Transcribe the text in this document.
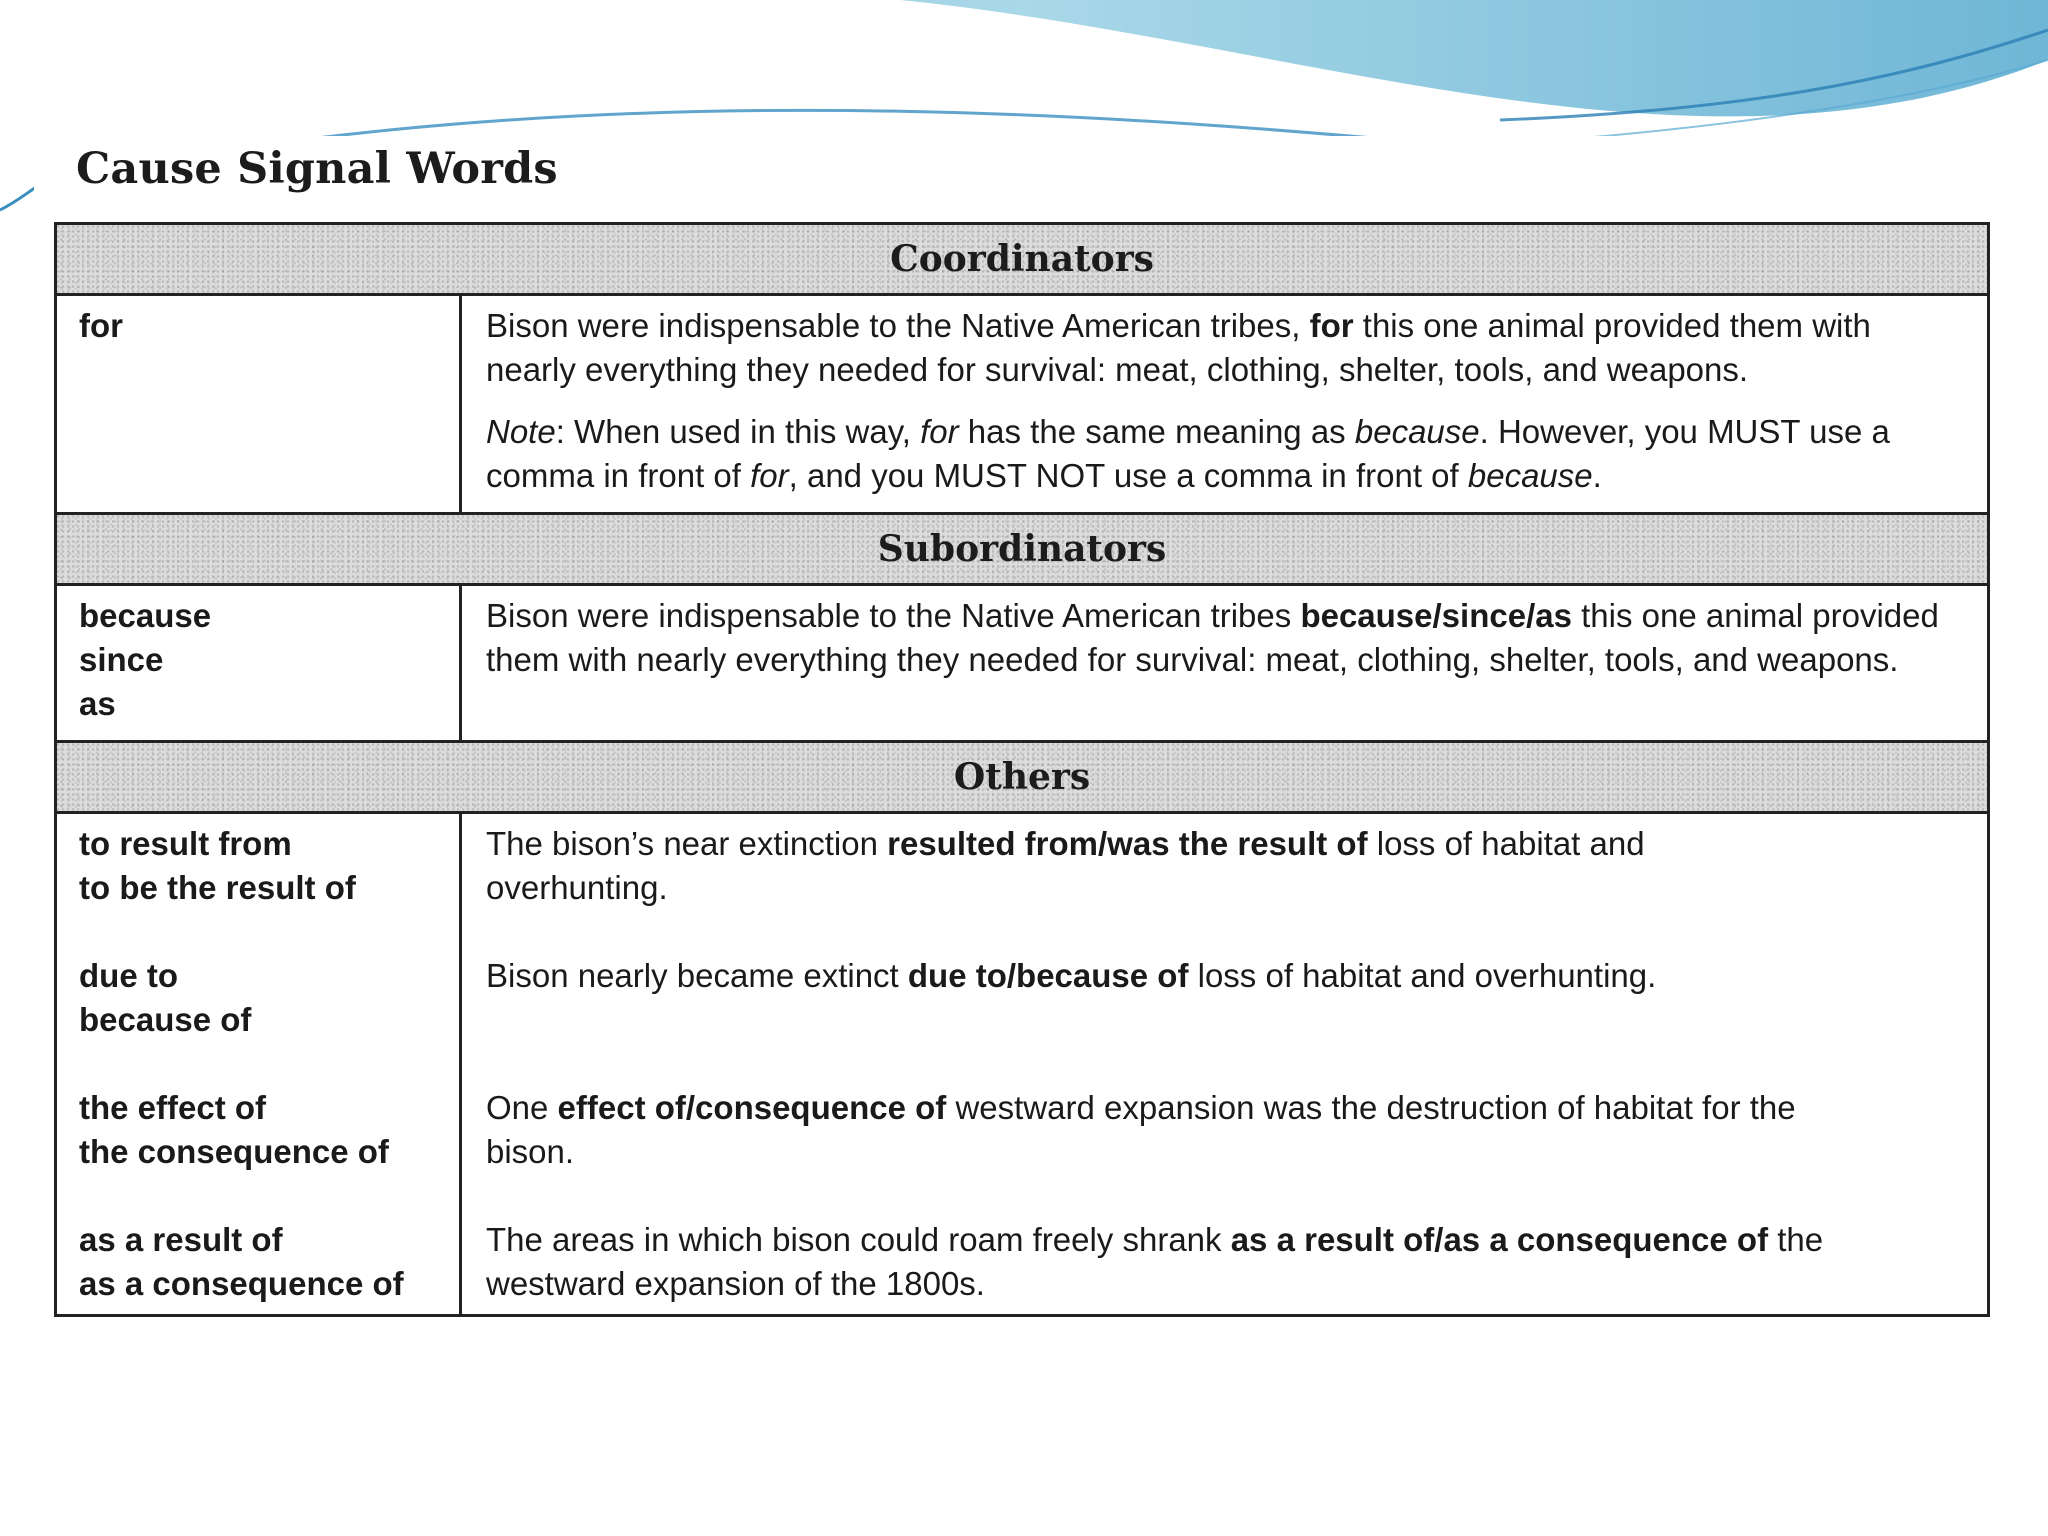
Cause Signal Words
Coordinators
for	Bison were indispensable to the Native American tribes, for this one animal provided them with nearly everything they needed for survival: meat, clothing, shelter, tools, and weapons.

Note: When used in this way, for has the same meaning as because. However, you MUST use a comma in front of for, and you MUST NOT use a comma in front of because.

Subordinators
because
since
as

Bison were indispensable to the Native American tribes because/since/as this one animal provided them with nearly everything they needed for survival: meat, clothing, shelter, tools, and weapons.

Others
to result from
to be the result of
due to
because of
the effect of
the consequence of
as a result of
as a consequence of

The bison’s near extinction resulted from/was the result of loss of habitat and overhunting.

Bison nearly became extinct due to/because of loss of habitat and overhunting.

One effect of/consequence of westward expansion was the destruction of habitat for the bison.

The areas in which bison could roam freely shrank as a result of/as a consequence of the westward expansion of the 1800s.
